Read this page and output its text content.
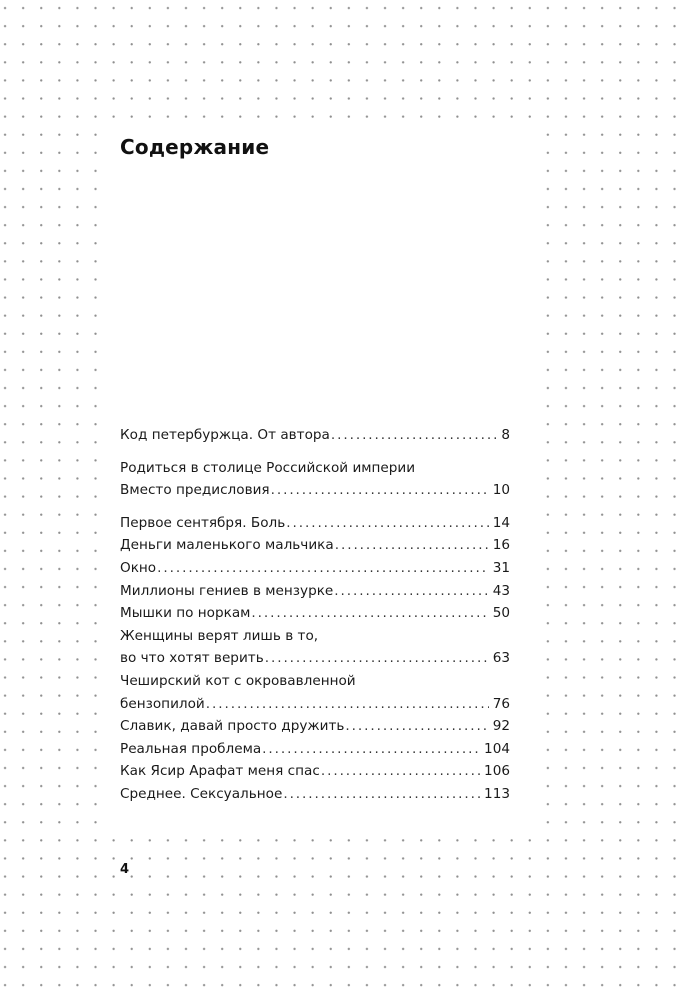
Содержание
Код петербуржца. От автора . . .	8
Родиться в столице Российской империи
Вместо предисловия . . .	10
Первое сентября. Боль . . .	14
Деньги маленького мальчика . . .	16
Окно . . .	31
Миллионы гениев в мензурке . . .	43
Мышки по норкам . . .	50
Женщины верят лишь в то,
во что хотят верить . . .	63
Чеширский кот с окровавленной
бензопилой . . .	76
Славик, давай просто дружить . . .	92
Реальная проблема . . .	104
Как Ясир Арафат меня спас . . .	106
Среднее. Сексуальное . . .	113
4
